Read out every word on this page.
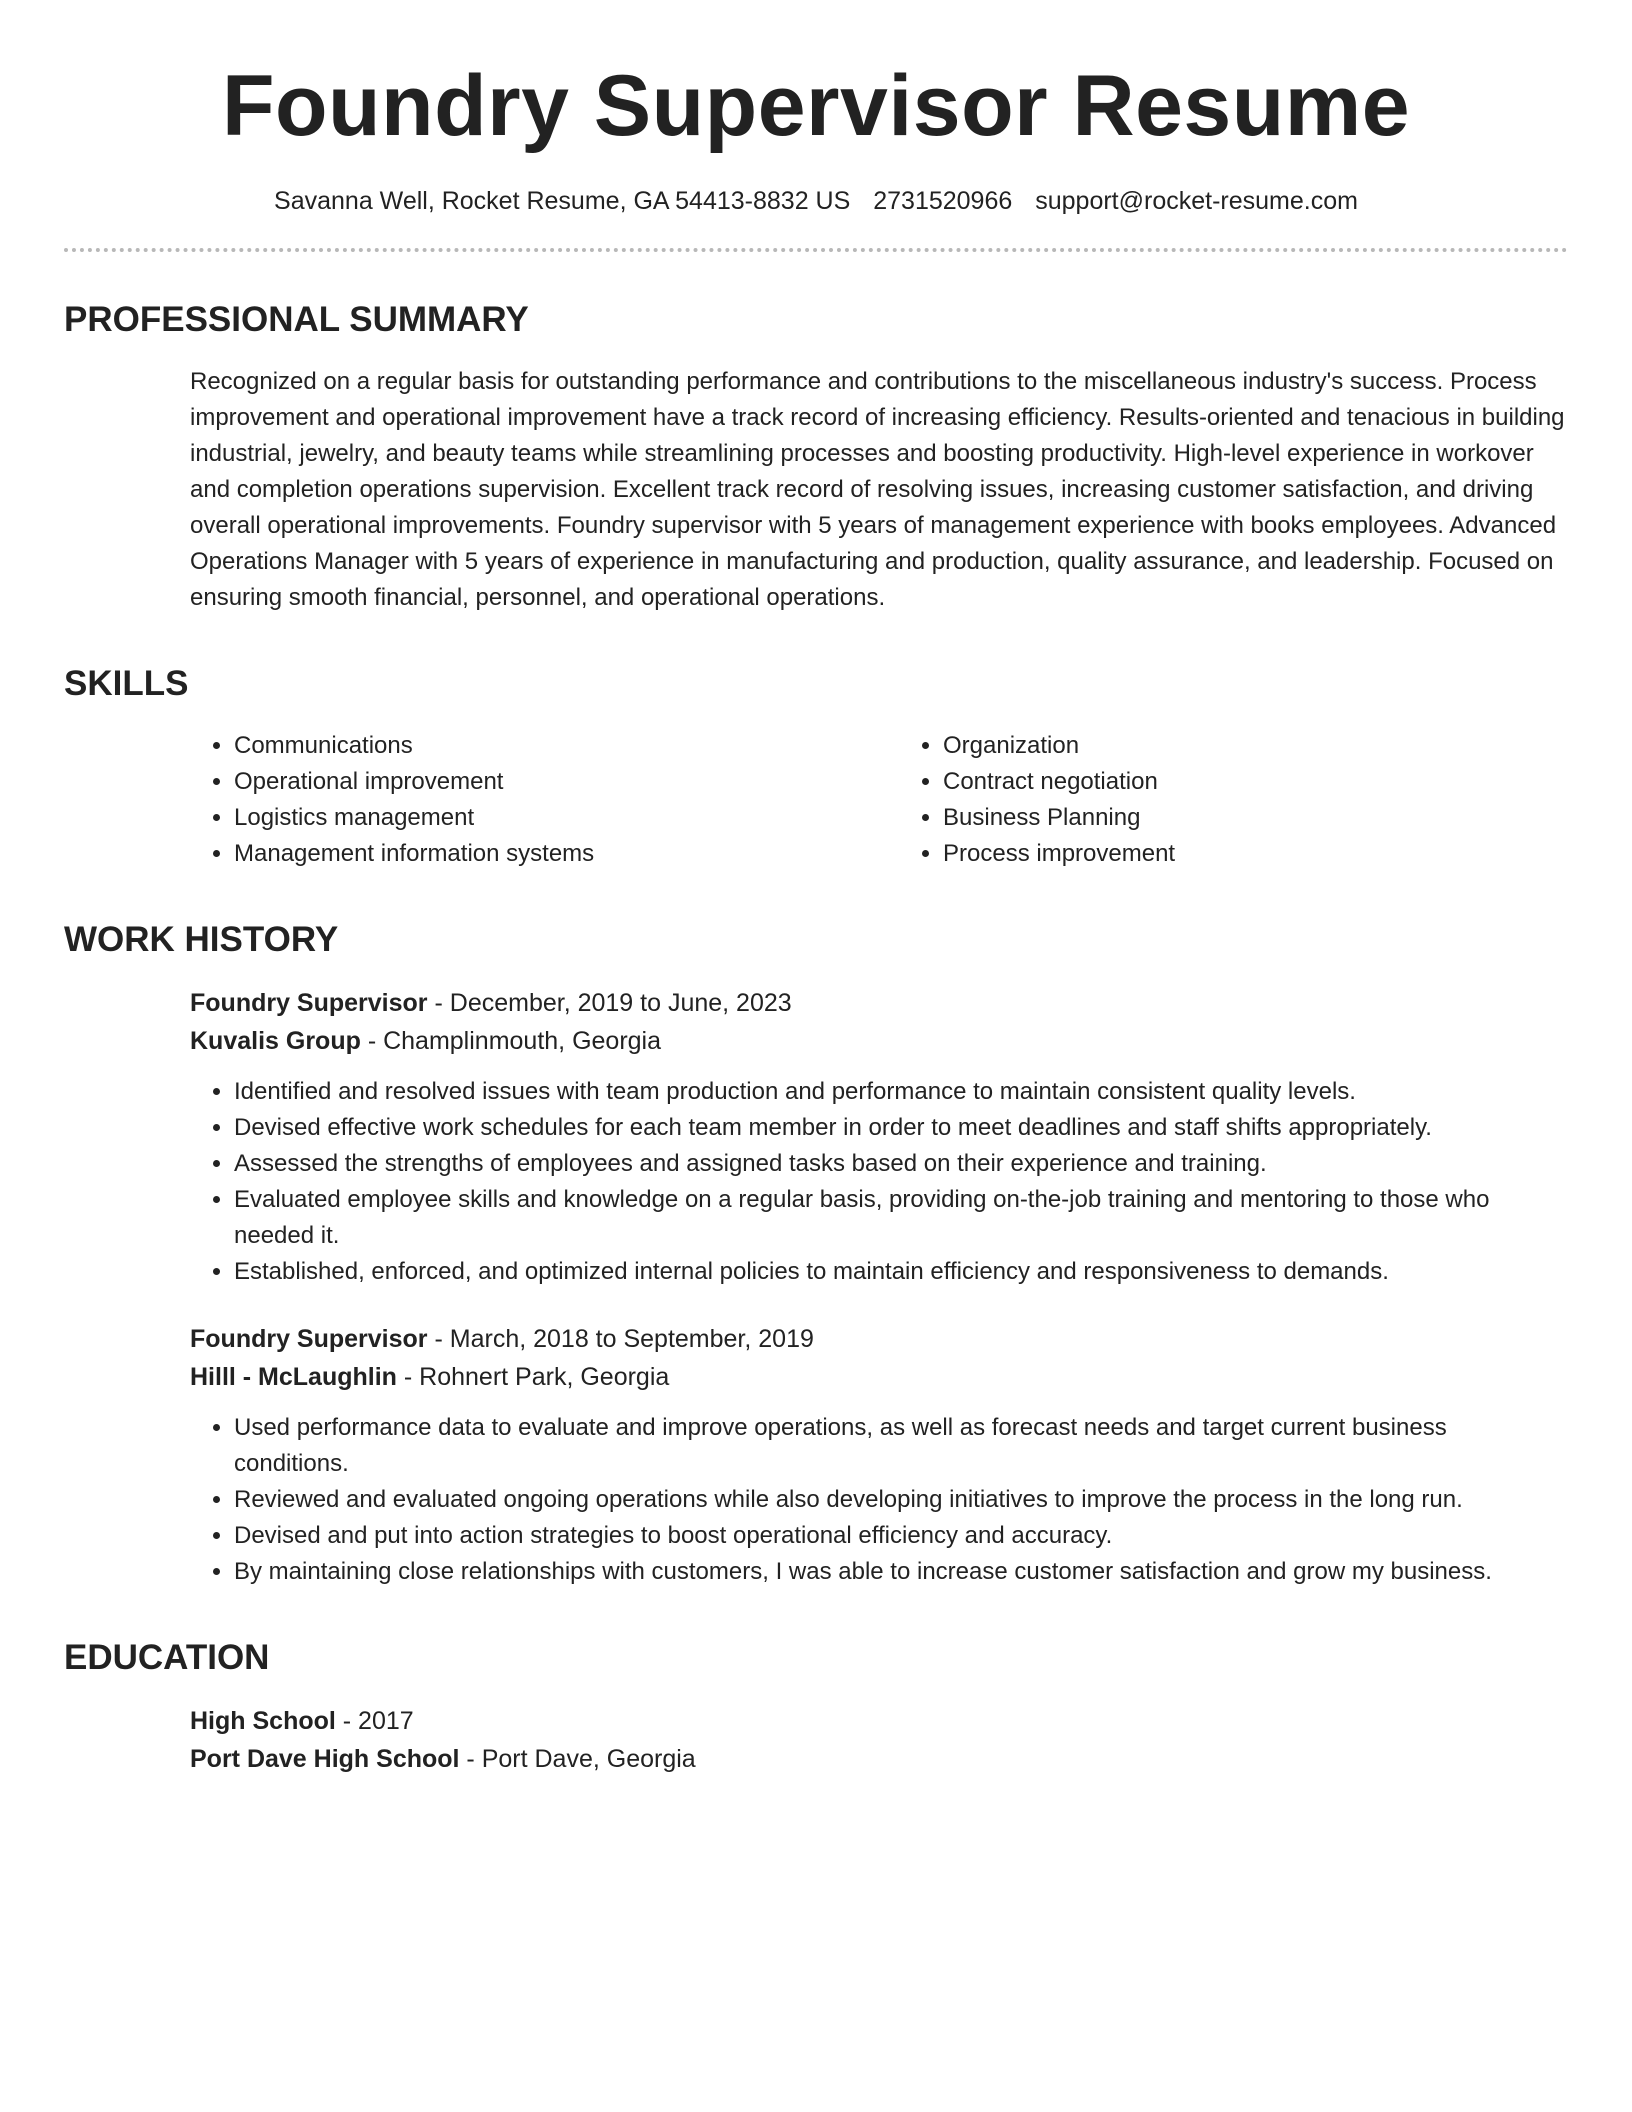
Foundry Supervisor Resume
Savanna Well, Rocket Resume, GA 54413-8832 US 2731520966 support@rocket-resume.com
PROFESSIONAL SUMMARY

Recognized on a regular basis for outstanding performance and contributions to the miscellaneous industry's success. Process improvement and operational improvement have a track record of increasing efficiency. Results-oriented and tenacious in building industrial, jewelry, and beauty teams while streamlining processes and boosting productivity. High-level experience in workover and completion operations supervision. Excellent track record of resolving issues, increasing customer satisfaction, and driving overall operational improvements. Foundry supervisor with 5 years of management experience with books employees. Advanced Operations Manager with 5 years of experience in manufacturing and production, quality assurance, and leadership. Focused on ensuring smooth financial, personnel, and operational operations.

SKILLS
• Communications
• Operational improvement
• Logistics management
• Management information systems
• Organization
• Contract negotiation
• Business Planning
• Process improvement
WORK HISTORY
Foundry Supervisor - December, 2019 to June, 2023
Kuvalis Group - Champlinmouth, Georgia
• Identified and resolved issues with team production and performance to maintain consistent quality levels.
• Devised effective work schedules for each team member in order to meet deadlines and staff shifts appropriately.
• Assessed the strengths of employees and assigned tasks based on their experience and training.
• Evaluated employee skills and knowledge on a regular basis, providing on-the-job training and mentoring to those who needed it.
• Established, enforced, and optimized internal policies to maintain efficiency and responsiveness to demands.
Foundry Supervisor - March, 2018 to September, 2019
Hilll - McLaughlin - Rohnert Park, Georgia
• Used performance data to evaluate and improve operations, as well as forecast needs and target current business conditions.
• Reviewed and evaluated ongoing operations while also developing initiatives to improve the process in the long run.
• Devised and put into action strategies to boost operational efficiency and accuracy.
• By maintaining close relationships with customers, I was able to increase customer satisfaction and grow my business.
EDUCATION
High School - 2017
Port Dave High School - Port Dave, Georgia
